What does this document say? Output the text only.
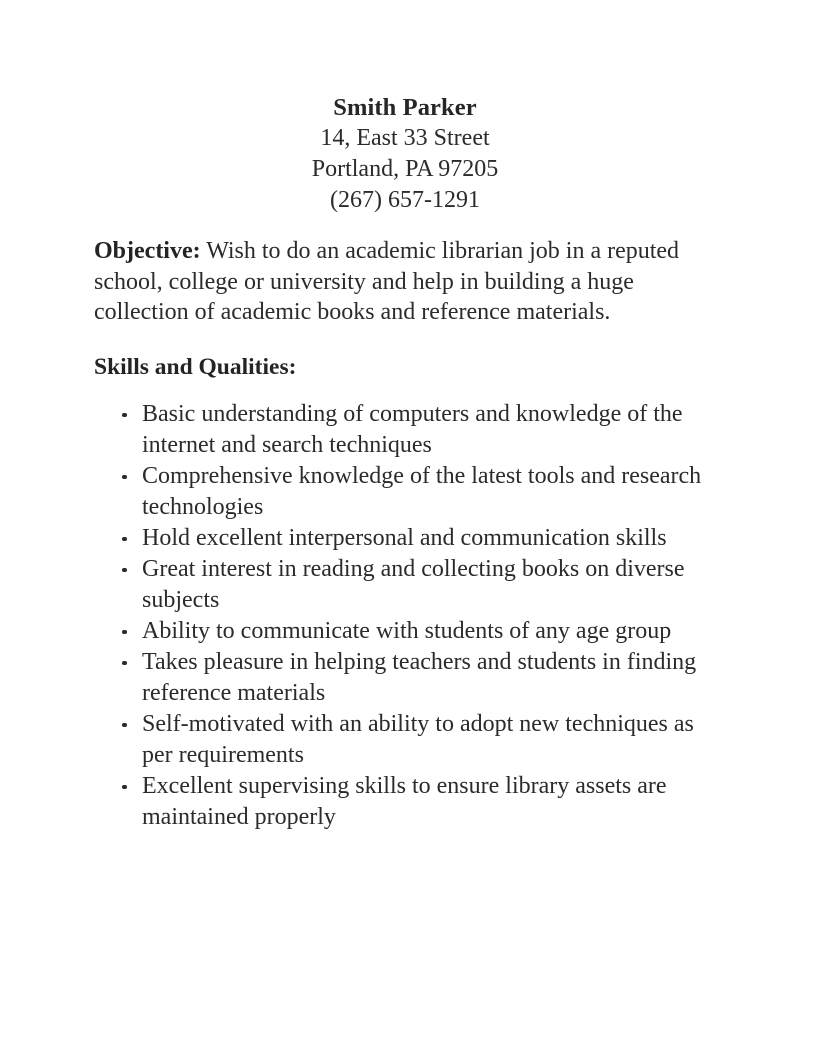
Smith Parker
14, East 33 Street
Portland, PA 97205
(267) 657-1291

Objective: Wish to do an academic librarian job in a reputed school, college or university and help in building a huge collection of academic books and reference materials.

Skills and Qualities:
Basic understanding of computers and knowledge of the internet and search techniques
Comprehensive knowledge of the latest tools and research technologies
Hold excellent interpersonal and communication skills
Great interest in reading and collecting books on diverse subjects
Ability to communicate with students of any age group
Takes pleasure in helping teachers and students in finding reference materials
Self-motivated with an ability to adopt new techniques as per requirements
Excellent supervising skills to ensure library assets are maintained properly
